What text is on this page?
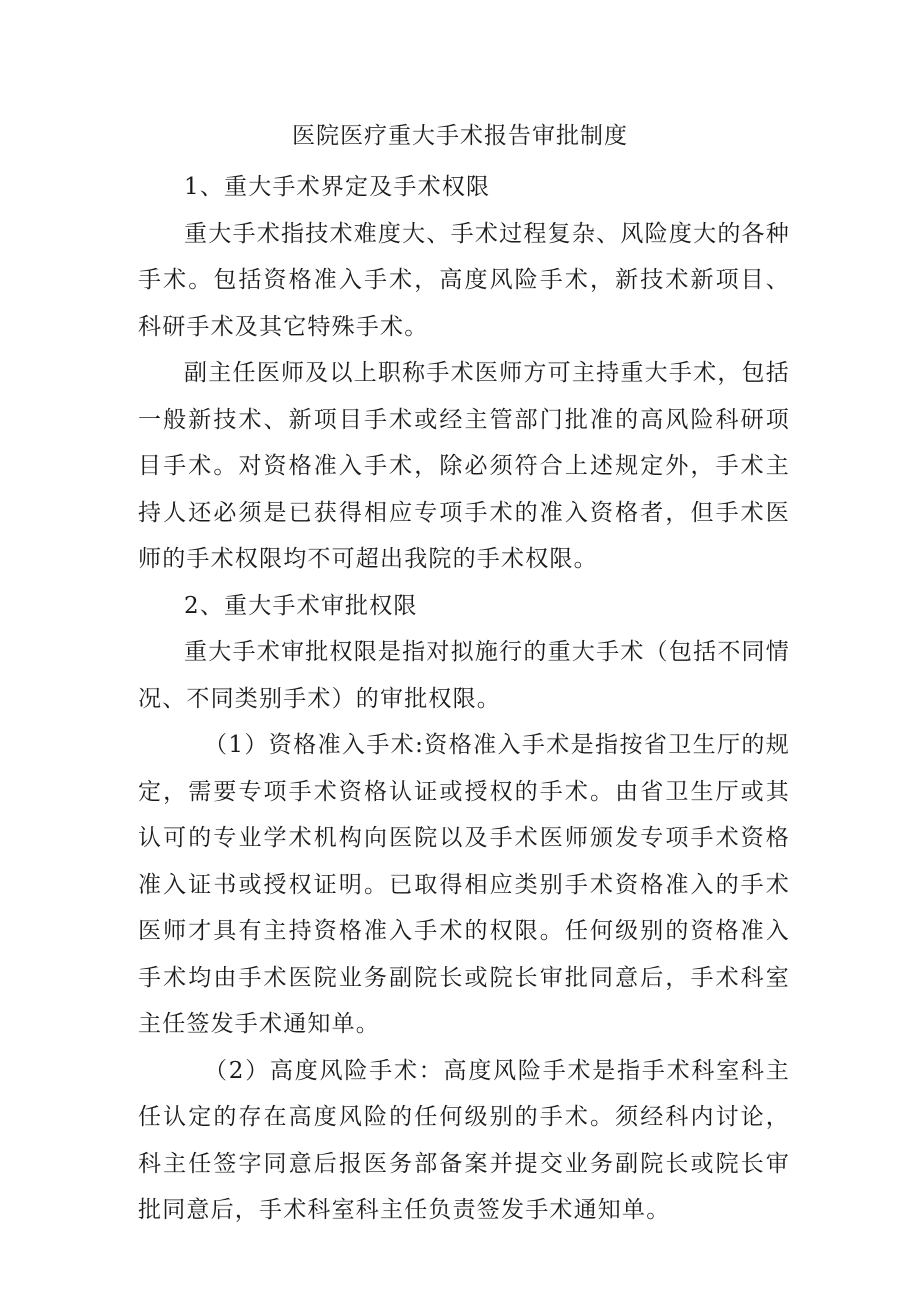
医院医疗重大手术报告审批制度

1、重大手术界定及手术权限

重大手术指技术难度大、手术过程复杂、风险度大的各种手术。包括资格准入手术，高度风险手术，新技术新项目、科研手术及其它特殊手术。

副主任医师及以上职称手术医师方可主持重大手术，包括一般新技术、新项目手术或经主管部门批准的高风险科研项目手术。对资格准入手术，除必须符合上述规定外，手术主持人还必须是已获得相应专项手术的准入资格者，但手术医师的手术权限均不可超出我院的手术权限。

2、重大手术审批权限

重大手术审批权限是指对拟施行的重大手术（包括不同情况、不同类别手术）的审批权限。

（1）资格准入手术:资格准入手术是指按省卫生厅的规定，需要专项手术资格认证或授权的手术。由省卫生厅或其认可的专业学术机构向医院以及手术医师颁发专项手术资格准入证书或授权证明。已取得相应类别手术资格准入的手术医师才具有主持资格准入手术的权限。任何级别的资格准入手术均由手术医院业务副院长或院长审批同意后，手术科室主任签发手术通知单。

（2）高度风险手术：高度风险手术是指手术科室科主任认定的存在高度风险的任何级别的手术。须经科内讨论，科主任签字同意后报医务部备案并提交业务副院长或院长审批同意后，手术科室科主任负责签发手术通知单。
